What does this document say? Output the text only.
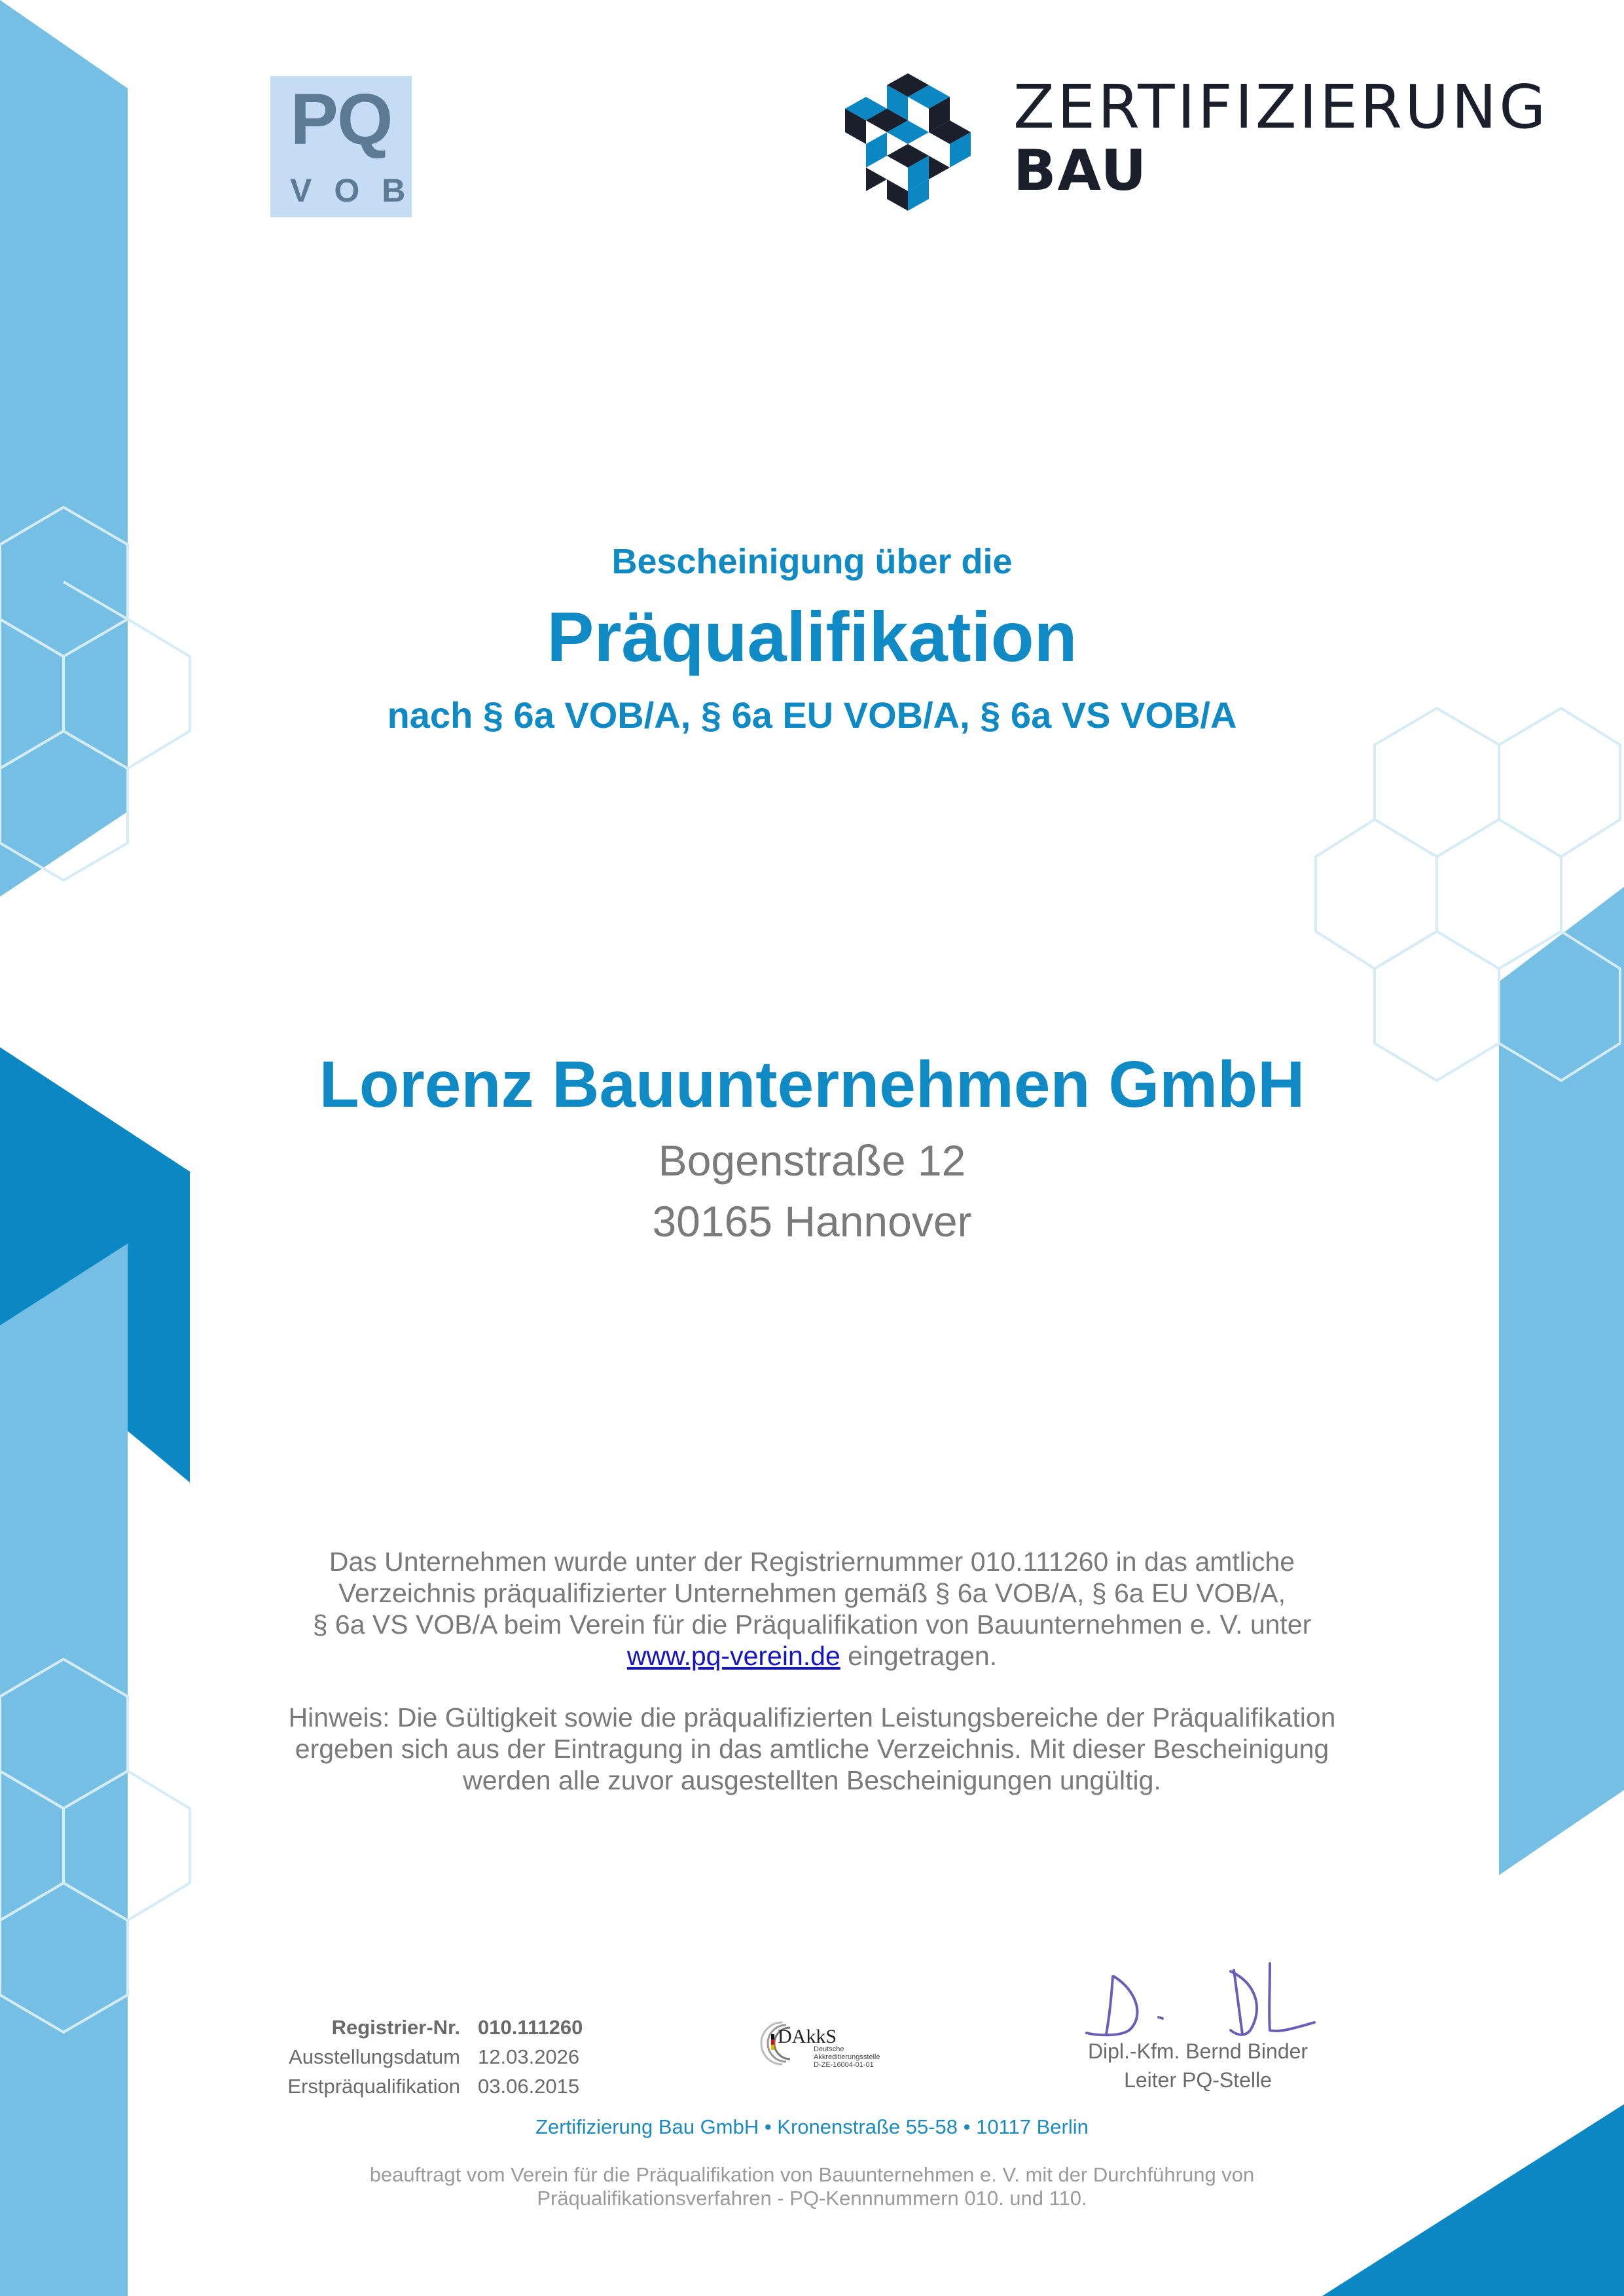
PQ
VOB
ZERTIFIZIERUNG
BAU
Bescheinigung über die
Präqualifikation
nach § 6a VOB/A, § 6a EU VOB/A, § 6a VS VOB/A
Lorenz Bauunternehmen GmbH
Bogenstraße 12
30165 Hannover
Das Unternehmen wurde unter der Registriernummer 010.111260 in das amtliche
Verzeichnis präqualifizierter Unternehmen gemäß § 6a VOB/A, § 6a EU VOB/A,
§ 6a VS VOB/A beim Verein für die Präqualifikation von Bauunternehmen e. V. unter
www.pq-verein.de eingetragen.
Hinweis: Die Gültigkeit sowie die präqualifizierten Leistungsbereiche der Präqualifikation
ergeben sich aus der Eintragung in das amtliche Verzeichnis. Mit dieser Bescheinigung
werden alle zuvor ausgestellten Bescheinigungen ungültig.
Registrier-Nr. 010.111260
Ausstellungsdatum 12.03.2026
Erstpräqualifikation 03.06.2015
DAkkS
Deutsche
Akkreditierungsstelle
D-ZE-16004-01-01
Dipl.-Kfm. Bernd Binder
Leiter PQ-Stelle
Zertifizierung Bau GmbH • Kronenstraße 55-58 • 10117 Berlin
beauftragt vom Verein für die Präqualifikation von Bauunternehmen e. V. mit der Durchführung von
Präqualifikationsverfahren - PQ-Kennnummern 010. und 110.
